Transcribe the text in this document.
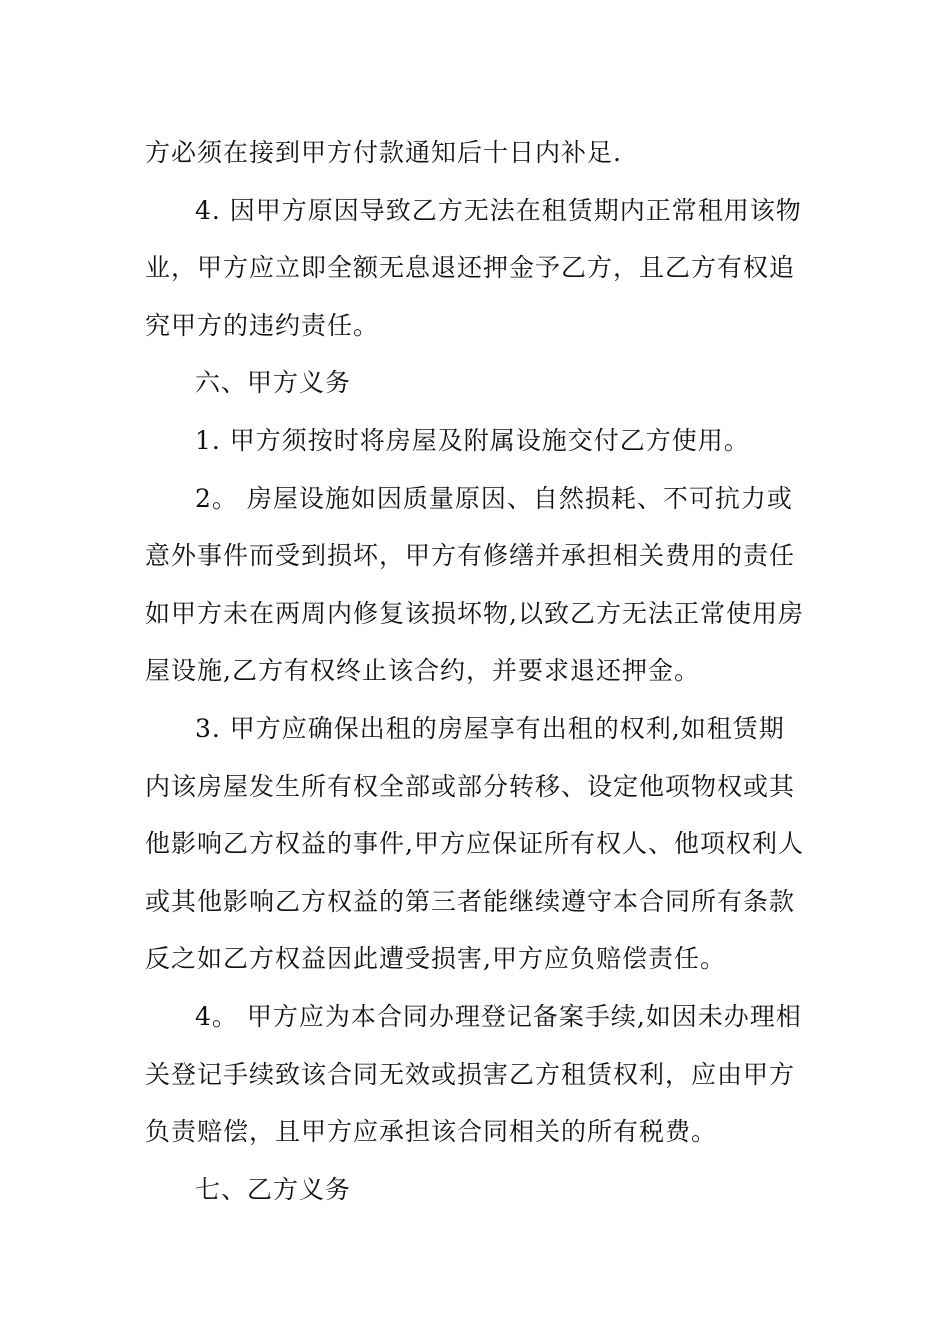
方必须在接到甲方付款通知后十日内补足.
4. 因甲方原因导致乙方无法在租赁期内正常租用该物
业，甲方应立即全额无息退还押金予乙方，且乙方有权追
究甲方的违约责任。
六、甲方义务
1. 甲方须按时将房屋及附属设施交付乙方使用。
2。 房屋设施如因质量原因、自然损耗、不可抗力或
意外事件而受到损坏，甲方有修缮并承担相关费用的责任
如甲方未在两周内修复该损坏物,以致乙方无法正常使用房
屋设施,乙方有权终止该合约，并要求退还押金。
3. 甲方应确保出租的房屋享有出租的权利,如租赁期
内该房屋发生所有权全部或部分转移、设定他项物权或其
他影响乙方权益的事件,甲方应保证所有权人、他项权利人
或其他影响乙方权益的第三者能继续遵守本合同所有条款
反之如乙方权益因此遭受损害,甲方应负赔偿责任。
4。 甲方应为本合同办理登记备案手续,如因未办理相
关登记手续致该合同无效或损害乙方租赁权利，应由甲方
负责赔偿，且甲方应承担该合同相关的所有税费。
七、乙方义务
